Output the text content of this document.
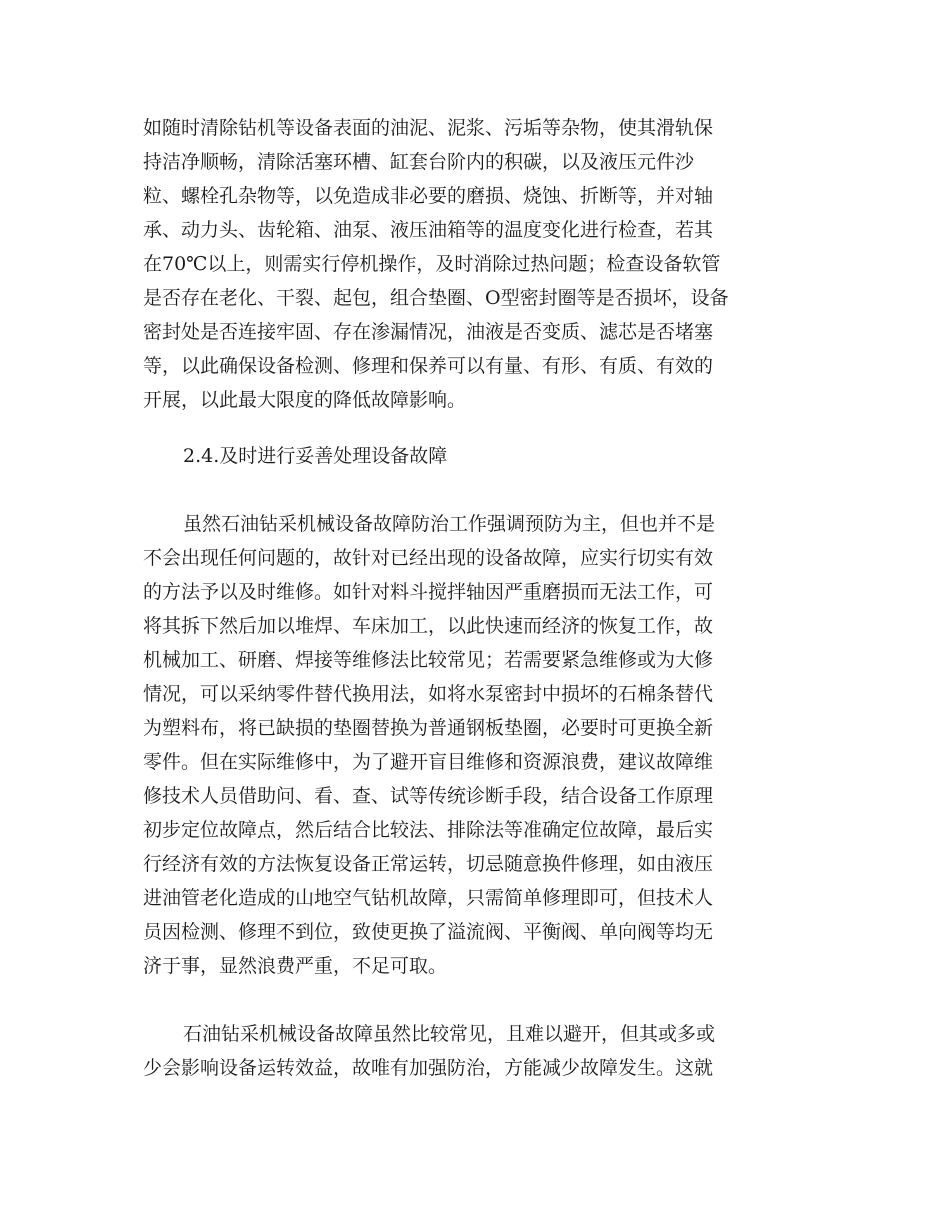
如随时清除钻机等设备表面的油泥、泥浆、污垢等杂物，使其滑轨保
持洁净顺畅，清除活塞环槽、缸套台阶内的积碳，以及液压元件沙
粒、螺栓孔杂物等，以免造成非必要的磨损、烧蚀、折断等，并对轴
承、动力头、齿轮箱、油泵、液压油箱等的温度变化进行检查，若其
在70℃以上，则需实行停机操作，及时消除过热问题；检查设备软管
是否存在老化、干裂、起包，组合垫圈、O型密封圈等是否损坏，设备
密封处是否连接牢固、存在渗漏情况，油液是否变质、滤芯是否堵塞
等，以此确保设备检测、修理和保养可以有量、有形、有质、有效的
开展，以此最大限度的降低故障影响。
2.4.及时进行妥善处理设备故障
虽然石油钻采机械设备故障防治工作强调预防为主，但也并不是
不会出现任何问题的，故针对已经出现的设备故障，应实行切实有效
的方法予以及时维修。如针对料斗搅拌轴因严重磨损而无法工作，可
将其拆下然后加以堆焊、车床加工，以此快速而经济的恢复工作，故
机械加工、研磨、焊接等维修法比较常见；若需要紧急维修或为大修
情况，可以采纳零件替代换用法，如将水泵密封中损坏的石棉条替代
为塑料布，将已缺损的垫圈替换为普通钢板垫圈，必要时可更换全新
零件。但在实际维修中，为了避开盲目维修和资源浪费，建议故障维
修技术人员借助问、看、查、试等传统诊断手段，结合设备工作原理
初步定位故障点，然后结合比较法、排除法等准确定位故障，最后实
行经济有效的方法恢复设备正常运转，切忌随意换件修理，如由液压
进油管老化造成的山地空气钻机故障，只需简单修理即可，但技术人
员因检测、修理不到位，致使更换了溢流阀、平衡阀、单向阀等均无
济于事，显然浪费严重，不足可取。
石油钻采机械设备故障虽然比较常见，且难以避开，但其或多或
少会影响设备运转效益，故唯有加强防治，方能减少故障发生。这就
